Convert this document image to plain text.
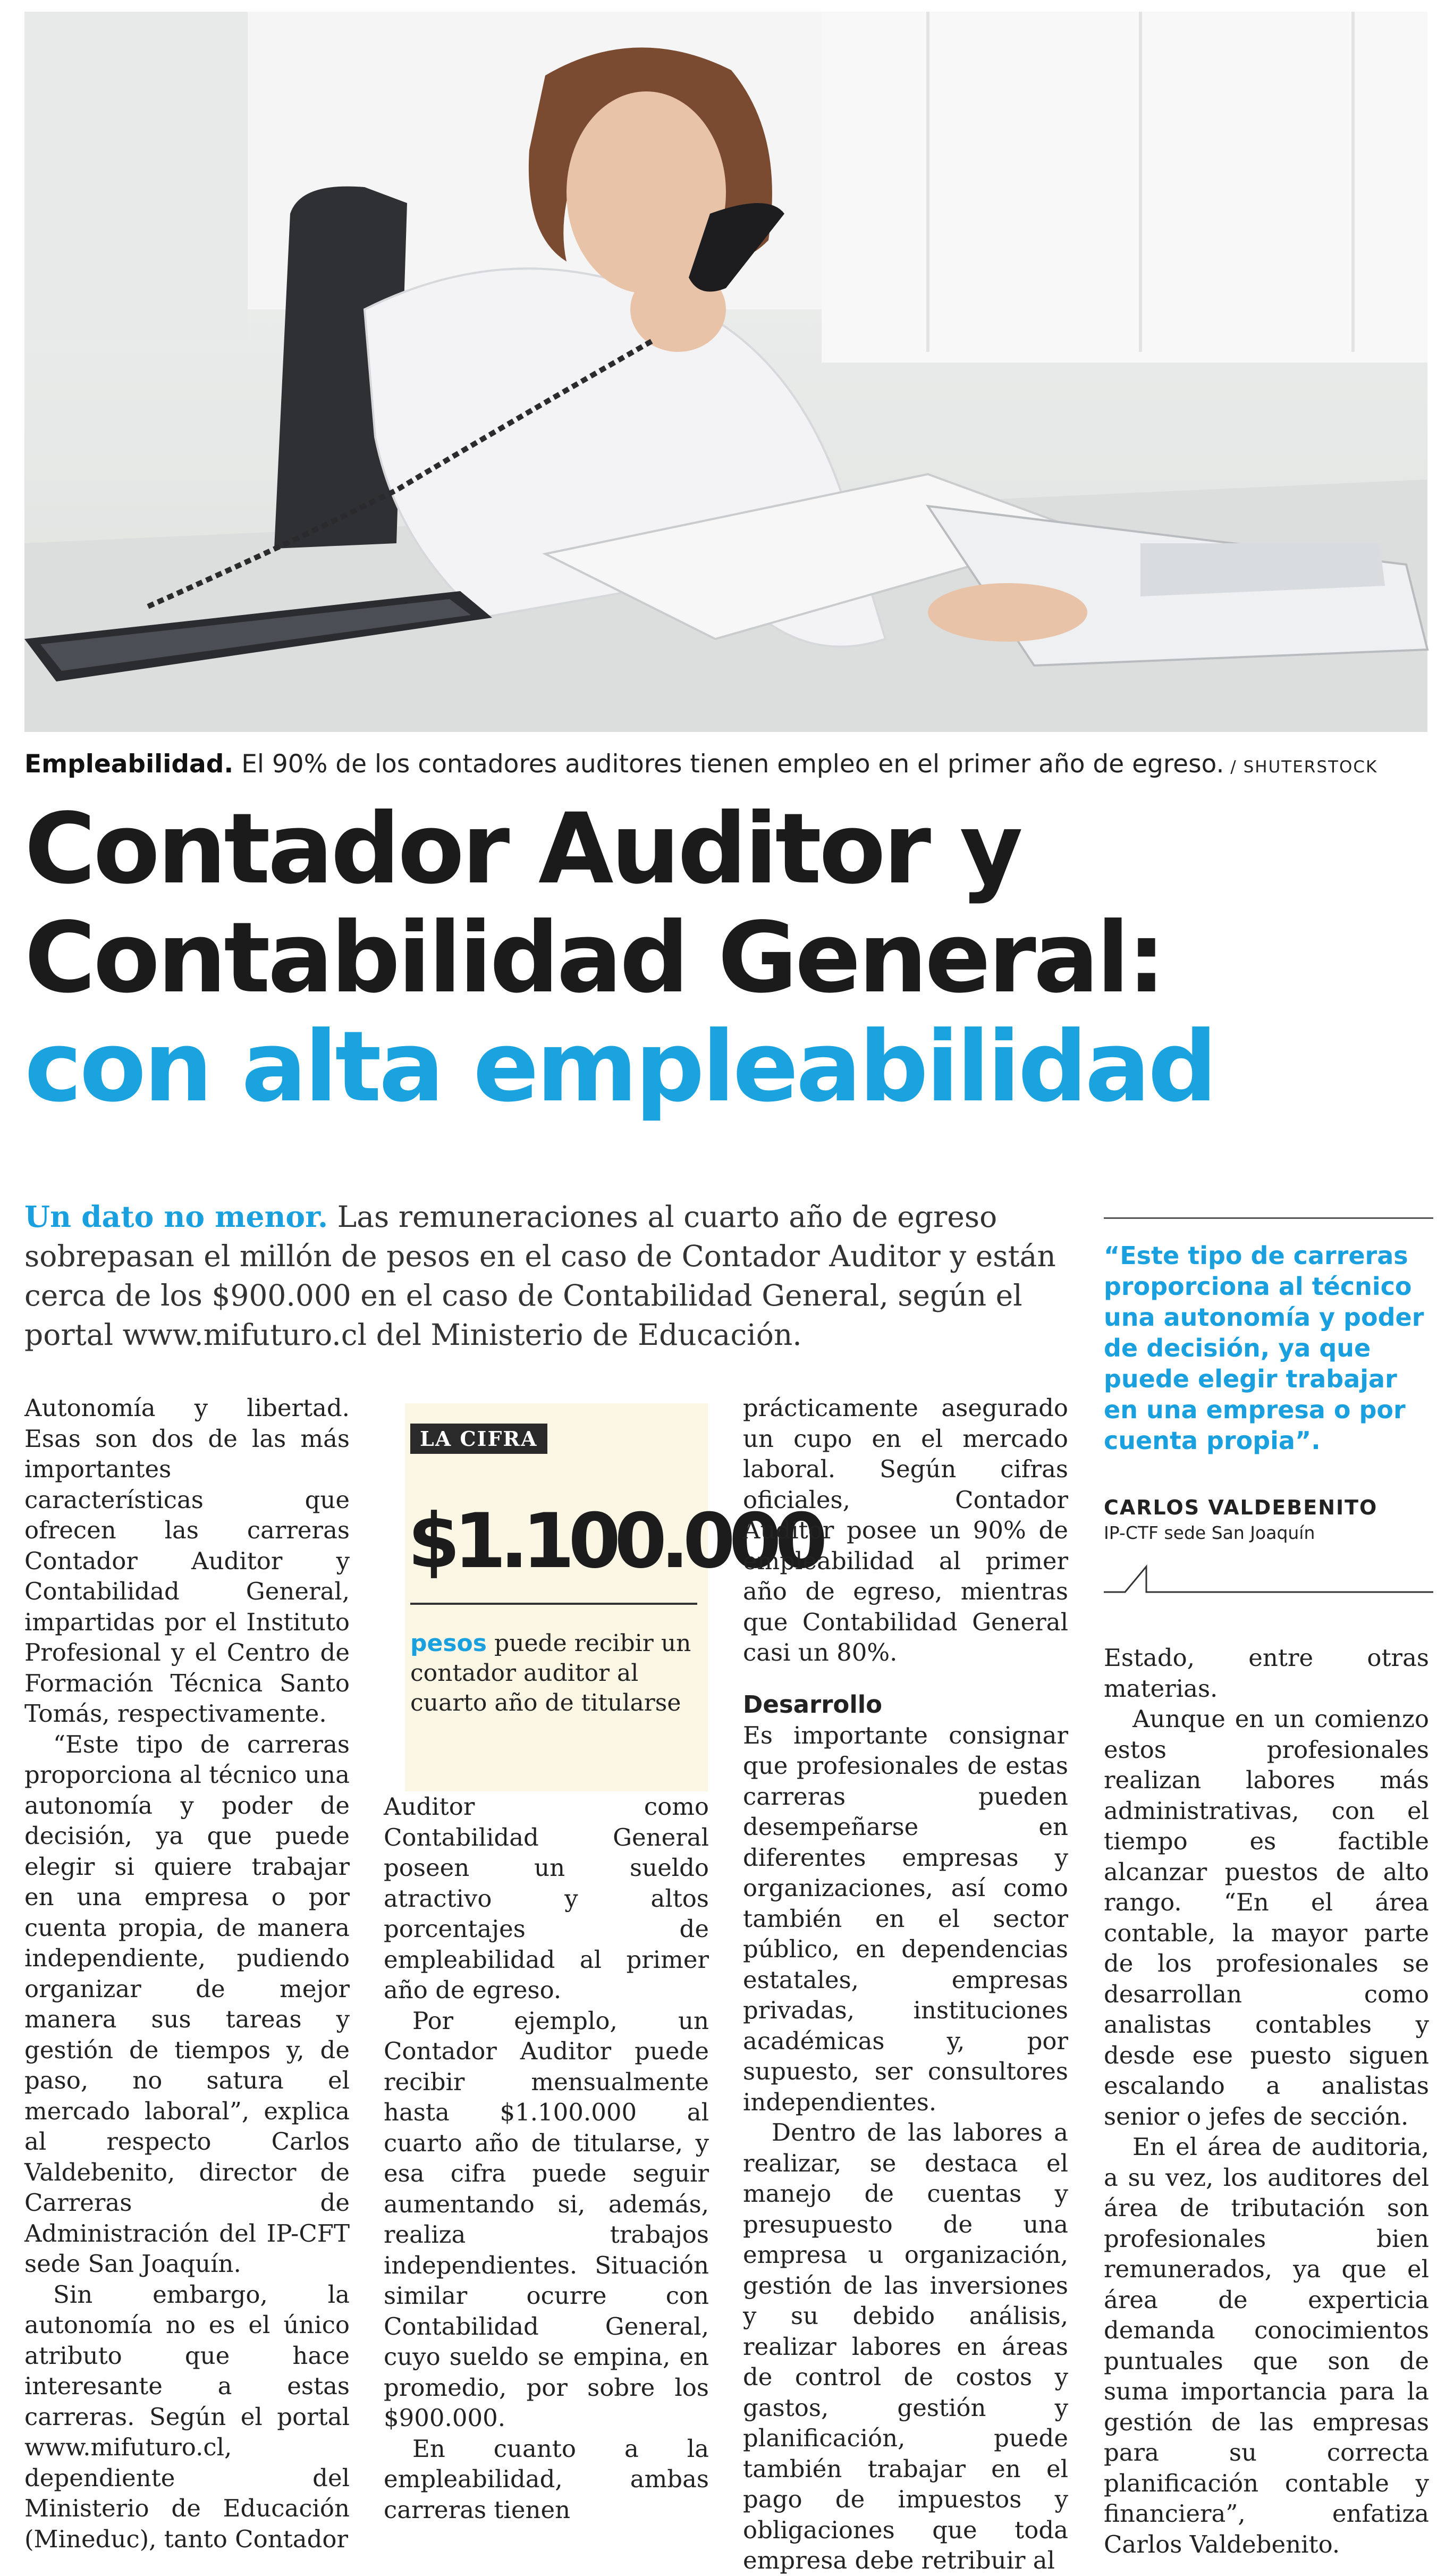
Empleabilidad. El 90% de los contadores auditores tienen empleo en el primer año de egreso. / SHUTERSTOCK
Contador Auditor y
Contabilidad General:
con alta empleabilidad
Un dato no menor. Las remuneraciones al cuarto año de egreso sobrepasan el millón de pesos en el caso de Contador Auditor y están cerca de los $900.000 en el caso de Contabilidad General, según el portal www.mifuturo.cl del Ministerio de Educación.
“Este tipo de carreras proporciona al técnico una autonomía y poder de decisión, ya que puede elegir trabajar en una empresa o por cuenta propia”.
CARLOS VALDEBENITO
IP-CTF sede San Joaquín

Autonomía y libertad. Esas son dos de las más importantes características que ofrecen las carreras Contador Auditor y Contabilidad General, impartidas por el Instituto Profesional y el Centro de Formación Técnica Santo Tomás, respectivamente.

“Este tipo de carreras proporciona al técnico una autonomía y poder de decisión, ya que puede elegir si quiere trabajar en una empresa o por cuenta propia, de manera independiente, pudiendo organizar de mejor manera sus tareas y gestión de tiempos y, de paso, no satura el mercado laboral”, explica al respecto Carlos Valdebenito, director de Carreras de Administración del IP-CFT sede San Joaquín.

Sin embargo, la autonomía no es el único atributo que hace interesante a estas carreras. Según el portal www.mifuturo.cl, dependiente del Ministerio de Educación (Mineduc), tanto Contador

LA CIFRA
$1.100.000
pesos puede recibir un contador auditor al cuarto año de titularse

Auditor como Contabilidad General poseen un sueldo atractivo y altos porcentajes de empleabilidad al primer año de egreso.

Por ejemplo, un Contador Auditor puede recibir mensualmente hasta $1.100.000 al cuarto año de titularse, y esa cifra puede seguir aumentando si, además, realiza trabajos independientes. Situación similar ocurre con Contabilidad General, cuyo sueldo se empina, en promedio, por sobre los $900.000.

En cuanto a la empleabilidad, ambas carreras tienen

prácticamente asegurado un cupo en el mercado laboral. Según cifras oficiales, Contador Auditor posee un 90% de empleabilidad al primer año de egreso, mientras que Contabilidad General casi un 80%.

Desarrollo

Es importante consignar que profesionales de estas carreras pueden desempeñarse en diferentes empresas y organizaciones, así como también en el sector público, en dependencias estatales, empresas privadas, instituciones académicas y, por supuesto, ser consultores independientes.

Dentro de las labores a realizar, se destaca el manejo de cuentas y presupuesto de una empresa u organización, gestión de las inversiones y su debido análisis, realizar labores en áreas de control de costos y gastos, gestión y planificación, puede también trabajar en el pago de impuestos y obligaciones que toda empresa debe retribuir al

Estado, entre otras materias.

Aunque en un comienzo estos profesionales realizan labores más administrativas, con el tiempo es factible alcanzar puestos de alto rango. “En el área contable, la mayor parte de los profesionales se desarrollan como analistas contables y desde ese puesto siguen escalando a analistas senior o jefes de sección.

En el área de auditoria, a su vez, los auditores del área de tributación son profesionales bien remunerados, ya que el área de experticia demanda conocimientos puntuales que son de suma importancia para la gestión de las empresas para su correcta planificación contable y financiera”, enfatiza Carlos Valdebenito.
